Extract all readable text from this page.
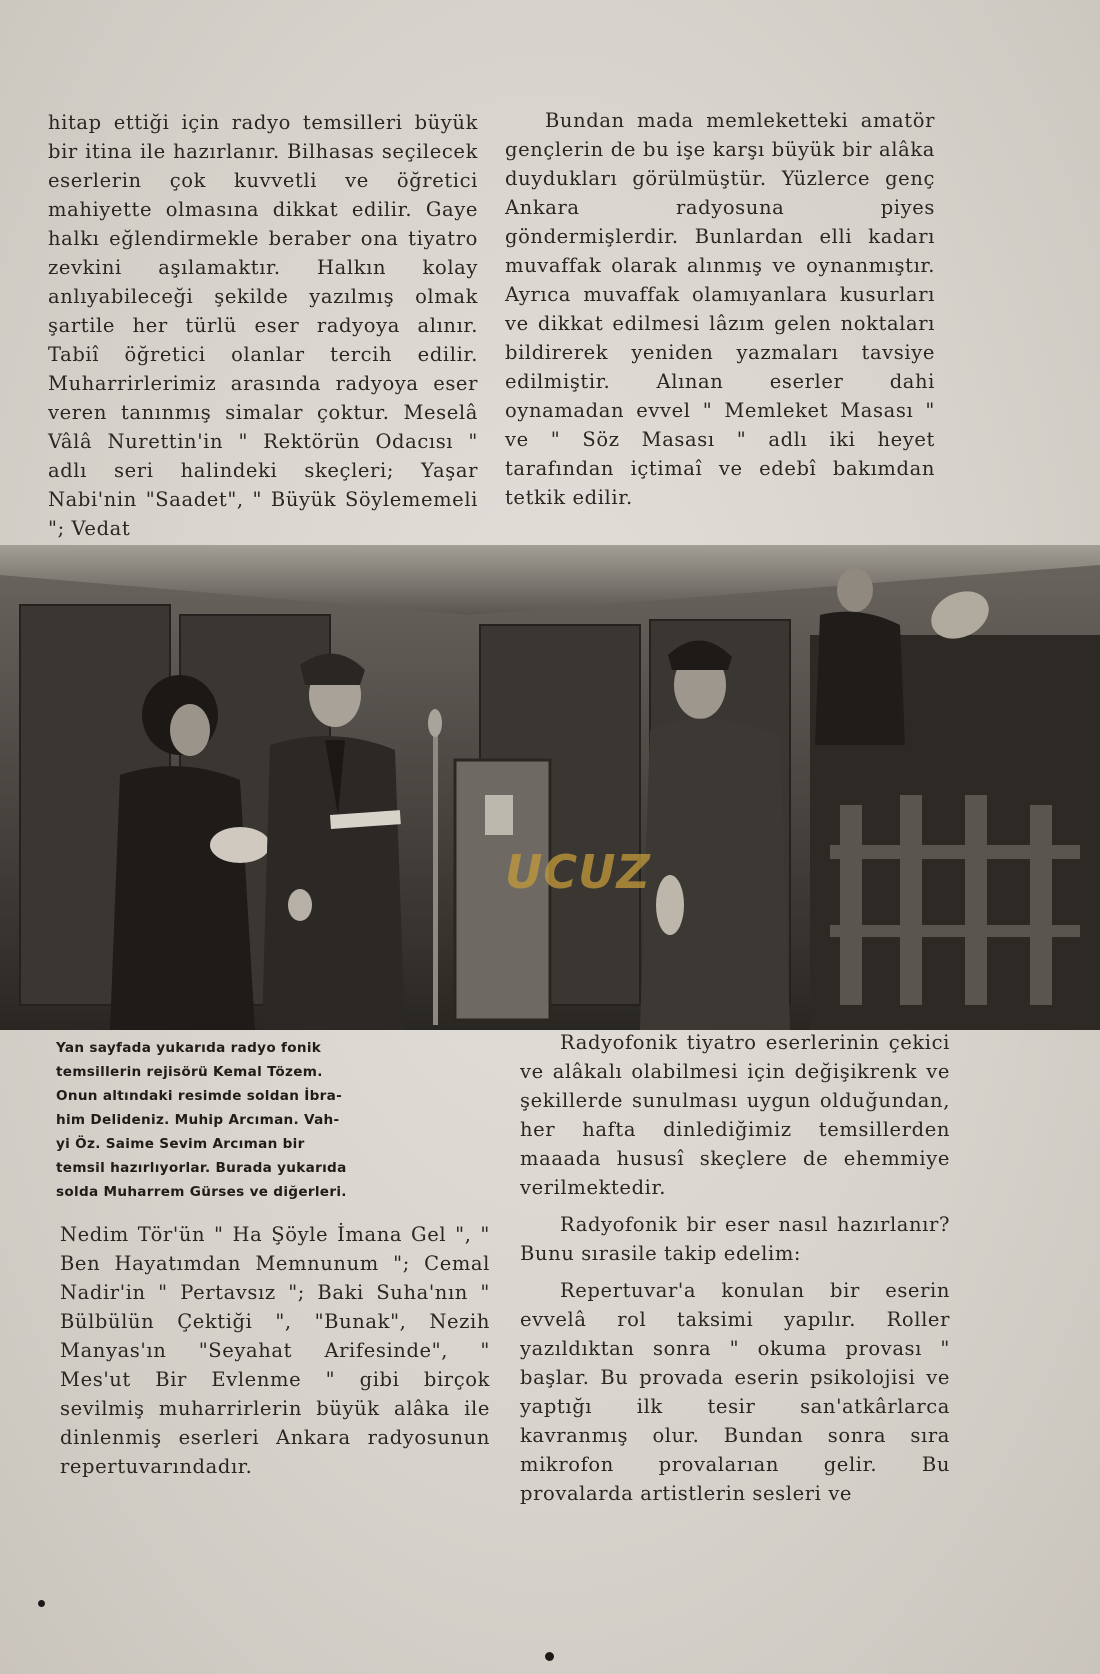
hitap ettiği için radyo temsilleri büyük bir itina ile hazırlanır. Bilhasas seçilecek eserlerin çok kuvvetli ve öğretici mahiyette olmasına dikkat edilir. Gaye halkı eğlendirmekle beraber ona tiyatro zevkini aşılamaktır. Halkın kolay anlıyabileceği şekilde yazılmış olmak şartile her türlü eser radyoya alınır. Tabiî öğretici olanlar tercih edilir. Muharrirlerimiz arasında radyoya eser veren tanınmış simalar çoktur. Meselâ Vâlâ Nurettin'in " Rektörün Odacısı " adlı seri halindeki skeçleri; Yaşar Nabi'nin "Saadet", " Büyük Söylememeli "; Vedat

Bundan mada memleketteki amatör gençlerin de bu işe karşı büyük bir alâka duydukları görülmüştür. Yüzlerce genç Ankara radyosuna piyes göndermişlerdir. Bunlardan elli kadarı muvaffak olarak alınmış ve oynanmıştır. Ayrıca muvaffak olamıyanlara kusurları ve dikkat edilmesi lâzım gelen noktaları bildirerek yeniden yazmaları tavsiye edilmiştir. Alınan eserler dahi oynamadan evvel " Memleket Masası " ve " Söz Masası " adlı iki heyet tarafından içtimaî ve edebî bakımdan tetkik edilir.

UCUZ
Yan sayfada yukarıda radyo fonik
temsillerin rejisörü Kemal Tözem.
Onun altındaki resimde soldan İbra-
him Delideniz. Muhip Arcıman. Vah-
yi Öz. Saime Sevim Arcıman bir
temsil hazırlıyorlar. Burada yukarıda
solda Muharrem Gürses ve diğerleri.

Nedim Tör'ün " Ha Şöyle İmana Gel ", " Ben Hayatımdan Memnunum "; Cemal Nadir'in " Pertavsız "; Baki Suha'nın " Bülbülün Çektiği ", "Bunak", Nezih Manyas'ın "Seyahat Arifesinde", " Mes'ut Bir Evlenme " gibi birçok sevilmiş muharrirlerin büyük alâka ile dinlenmiş eserleri Ankara radyosunun repertuvarındadır.

Radyofonik tiyatro eserlerinin çekici ve alâkalı olabilmesi için değişikrenk ve şekillerde sunulması uygun olduğundan, her hafta dinlediğimiz temsillerden maaada hususî skeçlere de ehemmiye verilmektedir.

Radyofonik bir eser nasıl hazırlanır? Bunu sırasile takip edelim:

Repertuvar'a konulan bir eserin evvelâ rol taksimi yapılır. Roller yazıldıktan sonra " okuma provası " başlar. Bu provada eserin psikolojisi ve yaptığı ilk tesir san'atkârlarca kavranmış olur. Bundan sonra sıra mikrofon provalarıan gelir. Bu provalarda artistlerin sesleri ve
